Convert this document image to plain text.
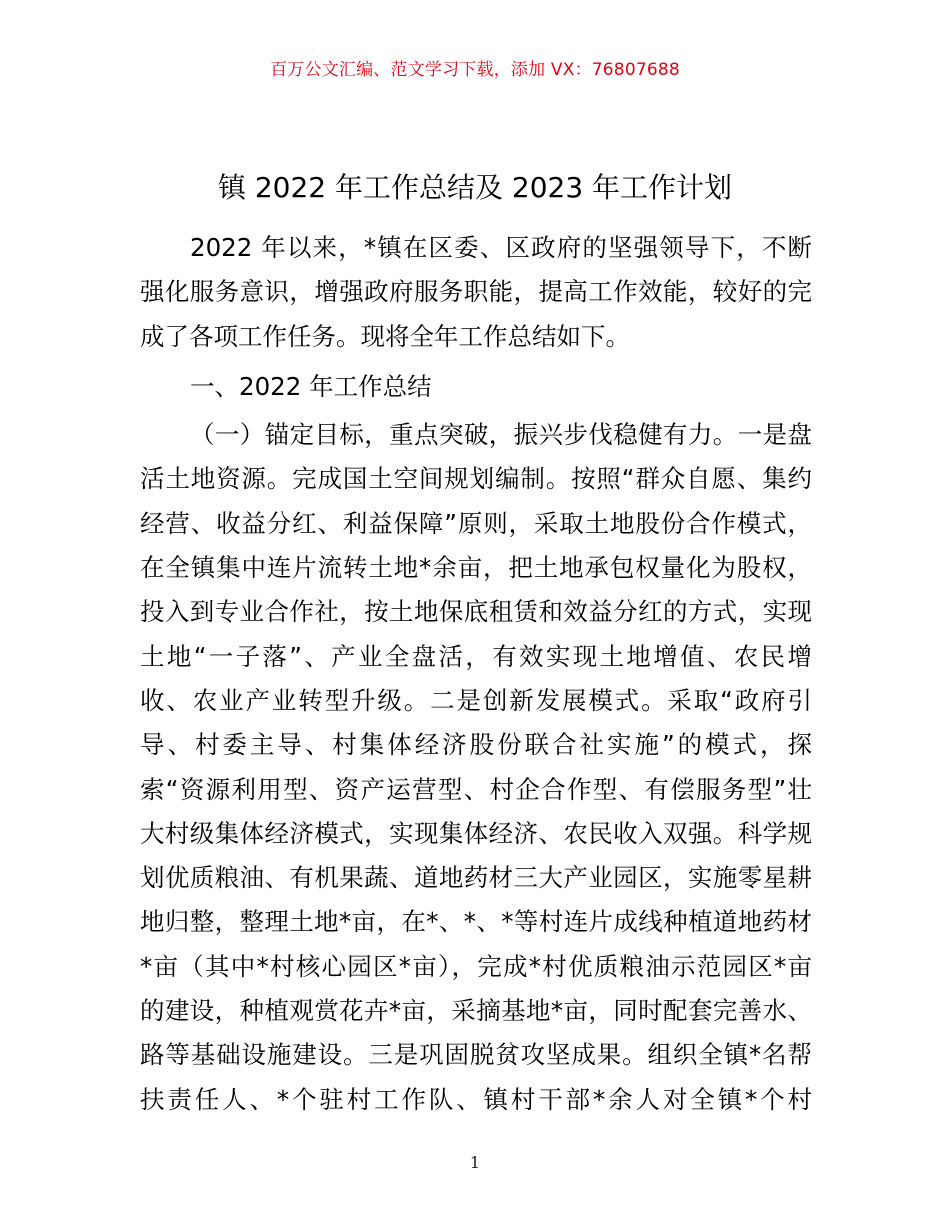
百万公文汇编、范文学习下载，添加 VX：76807688
镇 2022 年工作总结及 2023 年工作计划
2022 年以来，*镇在区委、区政府的坚强领导下，不断
强化服务意识，增强政府服务职能，提高工作效能，较好的完
成了各项工作任务。现将全年工作总结如下。
一、2022 年工作总结
（一）锚定目标，重点突破，振兴步伐稳健有力。一是盘
活土地资源。完成国土空间规划编制。按照“群众自愿、集约
经营、收益分红、利益保障”原则，采取土地股份合作模式，
在全镇集中连片流转土地*余亩，把土地承包权量化为股权，
投入到专业合作社，按土地保底租赁和效益分红的方式，实现
土地“一子落”、产业全盘活，有效实现土地增值、农民增
收、农业产业转型升级。二是创新发展模式。采取“政府引
导、村委主导、村集体经济股份联合社实施”的模式，探
索“资源利用型、资产运营型、村企合作型、有偿服务型”壮
大村级集体经济模式，实现集体经济、农民收入双强。科学规
划优质粮油、有机果蔬、道地药材三大产业园区，实施零星耕
地归整，整理土地*亩，在*、*、*等村连片成线种植道地药材
*亩（其中*村核心园区*亩），完成*村优质粮油示范园区*亩
的建设，种植观赏花卉*亩，采摘基地*亩，同时配套完善水、
路等基础设施建设。三是巩固脱贫攻坚成果。组织全镇*名帮
扶责任人、*个驻村工作队、镇村干部*余人对全镇*个村
1
